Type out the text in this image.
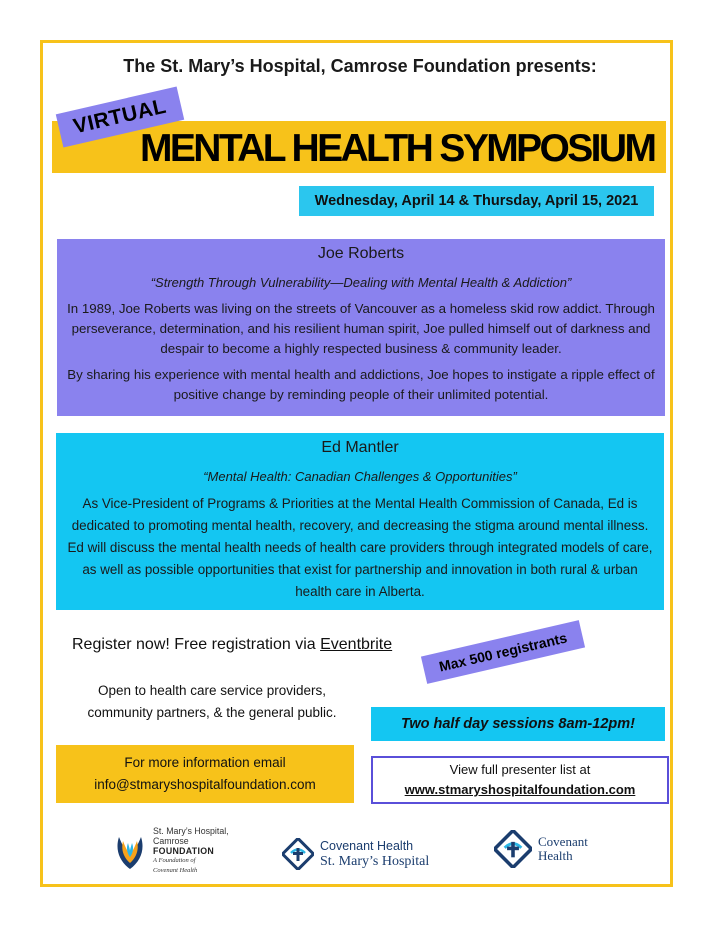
The St. Mary’s Hospital, Camrose Foundation presents:
MENTAL HEALTH SYMPOSIUM
VIRTUAL
Wednesday, April 14 & Thursday, April 15, 2021
Joe Roberts
“Strength Through Vulnerability—Dealing with Mental Health & Addiction”

In 1989, Joe Roberts was living on the streets of Vancouver as a homeless skid row addict. Through perseverance, determination, and his resilient human spirit, Joe pulled himself out of darkness and despair to become a highly respected business & community leader.

By sharing his experience with mental health and addictions, Joe hopes to instigate a ripple effect of positive change by reminding people of their unlimited potential.

Ed Mantler
“Mental Health: Canadian Challenges & Opportunities”

As Vice-President of Programs & Priorities at the Mental Health Commission of Canada, Ed is dedicated to promoting mental health, recovery, and decreasing the stigma around mental illness. Ed will discuss the mental health needs of health care providers through integrated models of care, as well as possible opportunities that exist for partnership and innovation in both rural & urban health care in Alberta.

Register now! Free registration via Eventbrite	Max 500 registrants
Open to health care service providers,
community partners, & the general public.
Two half day sessions 8am-12pm!
For more information email
info@stmaryshospitalfoundation.com
View full presenter list at
www.stmaryshospitalfoundation.com
St. Mary’s Hospital,
Camrose
FOUNDATION
A Foundation of
Covenant Health
Covenant Health
St. Mary’s Hospital
Covenant
Health
